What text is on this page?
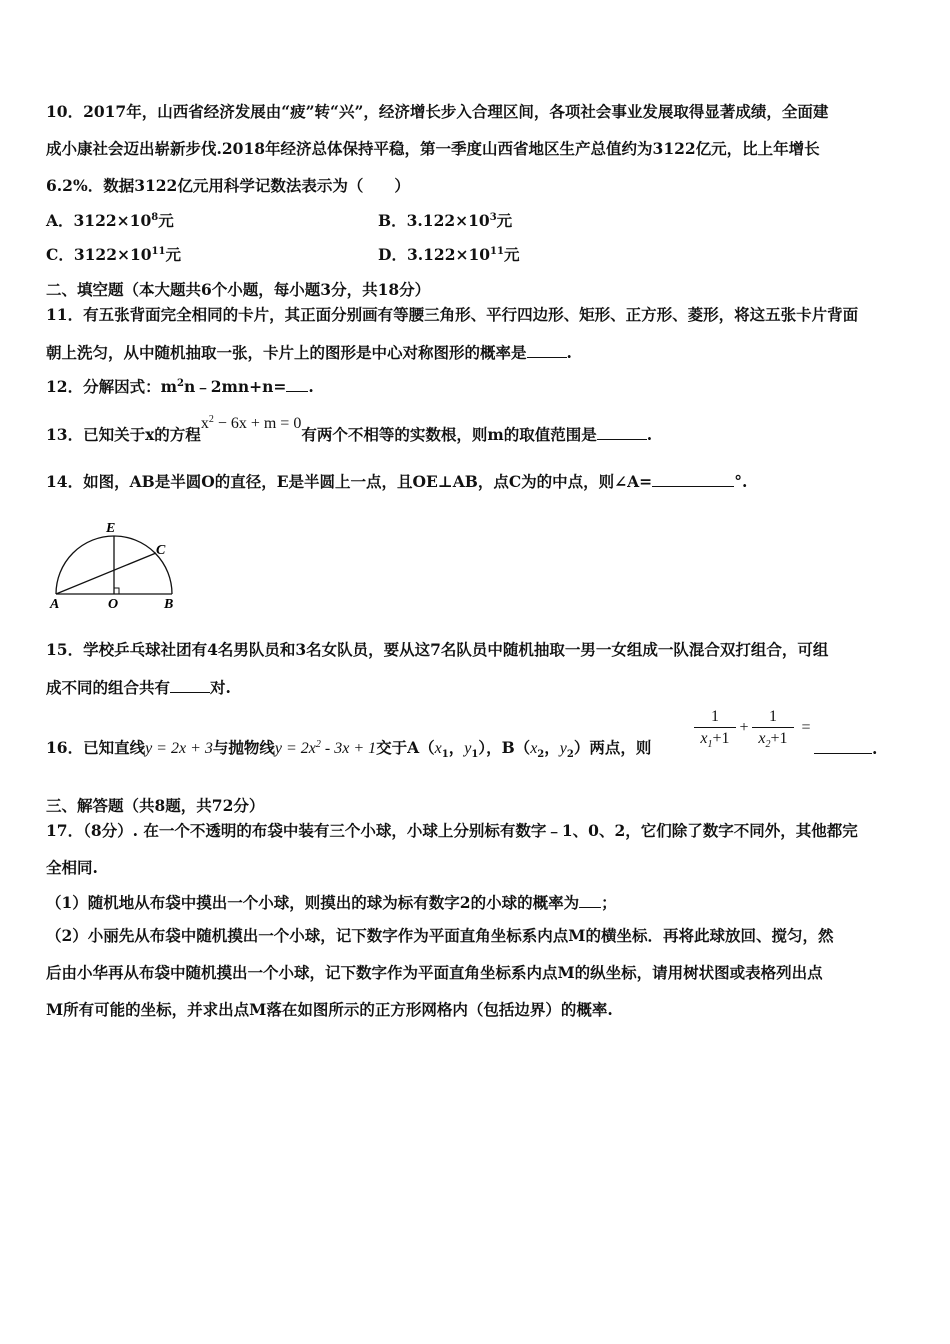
10．2017年，山西省经济发展由“疲”转“兴”，经济增长步入合理区间，各项社会事业发展取得显著成绩，全面建
成小康社会迈出崭新步伐.2018年经济总体保持平稳，第一季度山西省地区生产总值约为3122亿元，比上年增长
6.2%．数据3122亿元用科学记数法表示为（　　）
A．$3122\times 10^8$元	B．$3.122\times 10^3$元
C．$3122\times 10^{11}$元	D．$3.122\times 10^{11}$元
二、填空题（本大题共6个小题，每小题3分，共18分）
11．有五张背面完全相同的卡片，其正面分别画有等腰三角形、平行四边形、矩形、正方形、菱形，将这五张卡片背面
朝上洗匀，从中随机抽取一张，卡片上的图形是中心对称图形的概率是	.
12．分解因式：$m^2n﹣2mn+n=$ .
13．已知关于x的方程$x^2 - 6x + m = 0$有两个不相等的实数根，则m的取值范围是	.
14．如图，AB是半圆O的直径，E是半圆上一点，且OE⊥AB，点C为的中点，则∠A=	°.
E
C
A	O	B
15．学校乒乓球社团有4名男队员和3名女队员，要从这7名队员中随机抽取一男一女组成一队混合双打组合，可组
成不同的组合共有	对.
16．已知直线y = 2x + 3与抛物线$y = 2x^2 - 3x + 1$交于$A(x_1$，$y_1$），$B(x_2$，$y_2$）两点，则
1
$x_1+1$
+
1
$x_2+1$
=
.
三、解答题（共8题，共72分）
17．（8分）. 在一个不透明的布袋中装有三个小球，小球上分别标有数字﹣1、0、2，它们除了数字不同外，其他都完
全相同.
（1）随机地从布袋中摸出一个小球，则摸出的球为标有数字2的小球的概率为 ；
（2）小丽先从布袋中随机摸出一个小球，记下数字作为平面直角坐标系内点M的横坐标．再将此球放回、搅匀，然
后由小华再从布袋中随机摸出一个小球，记下数字作为平面直角坐标系内点M的纵坐标，请用树状图或表格列出点
M所有可能的坐标，并求出点M落在如图所示的正方形网格内（包括边界）的概率.
